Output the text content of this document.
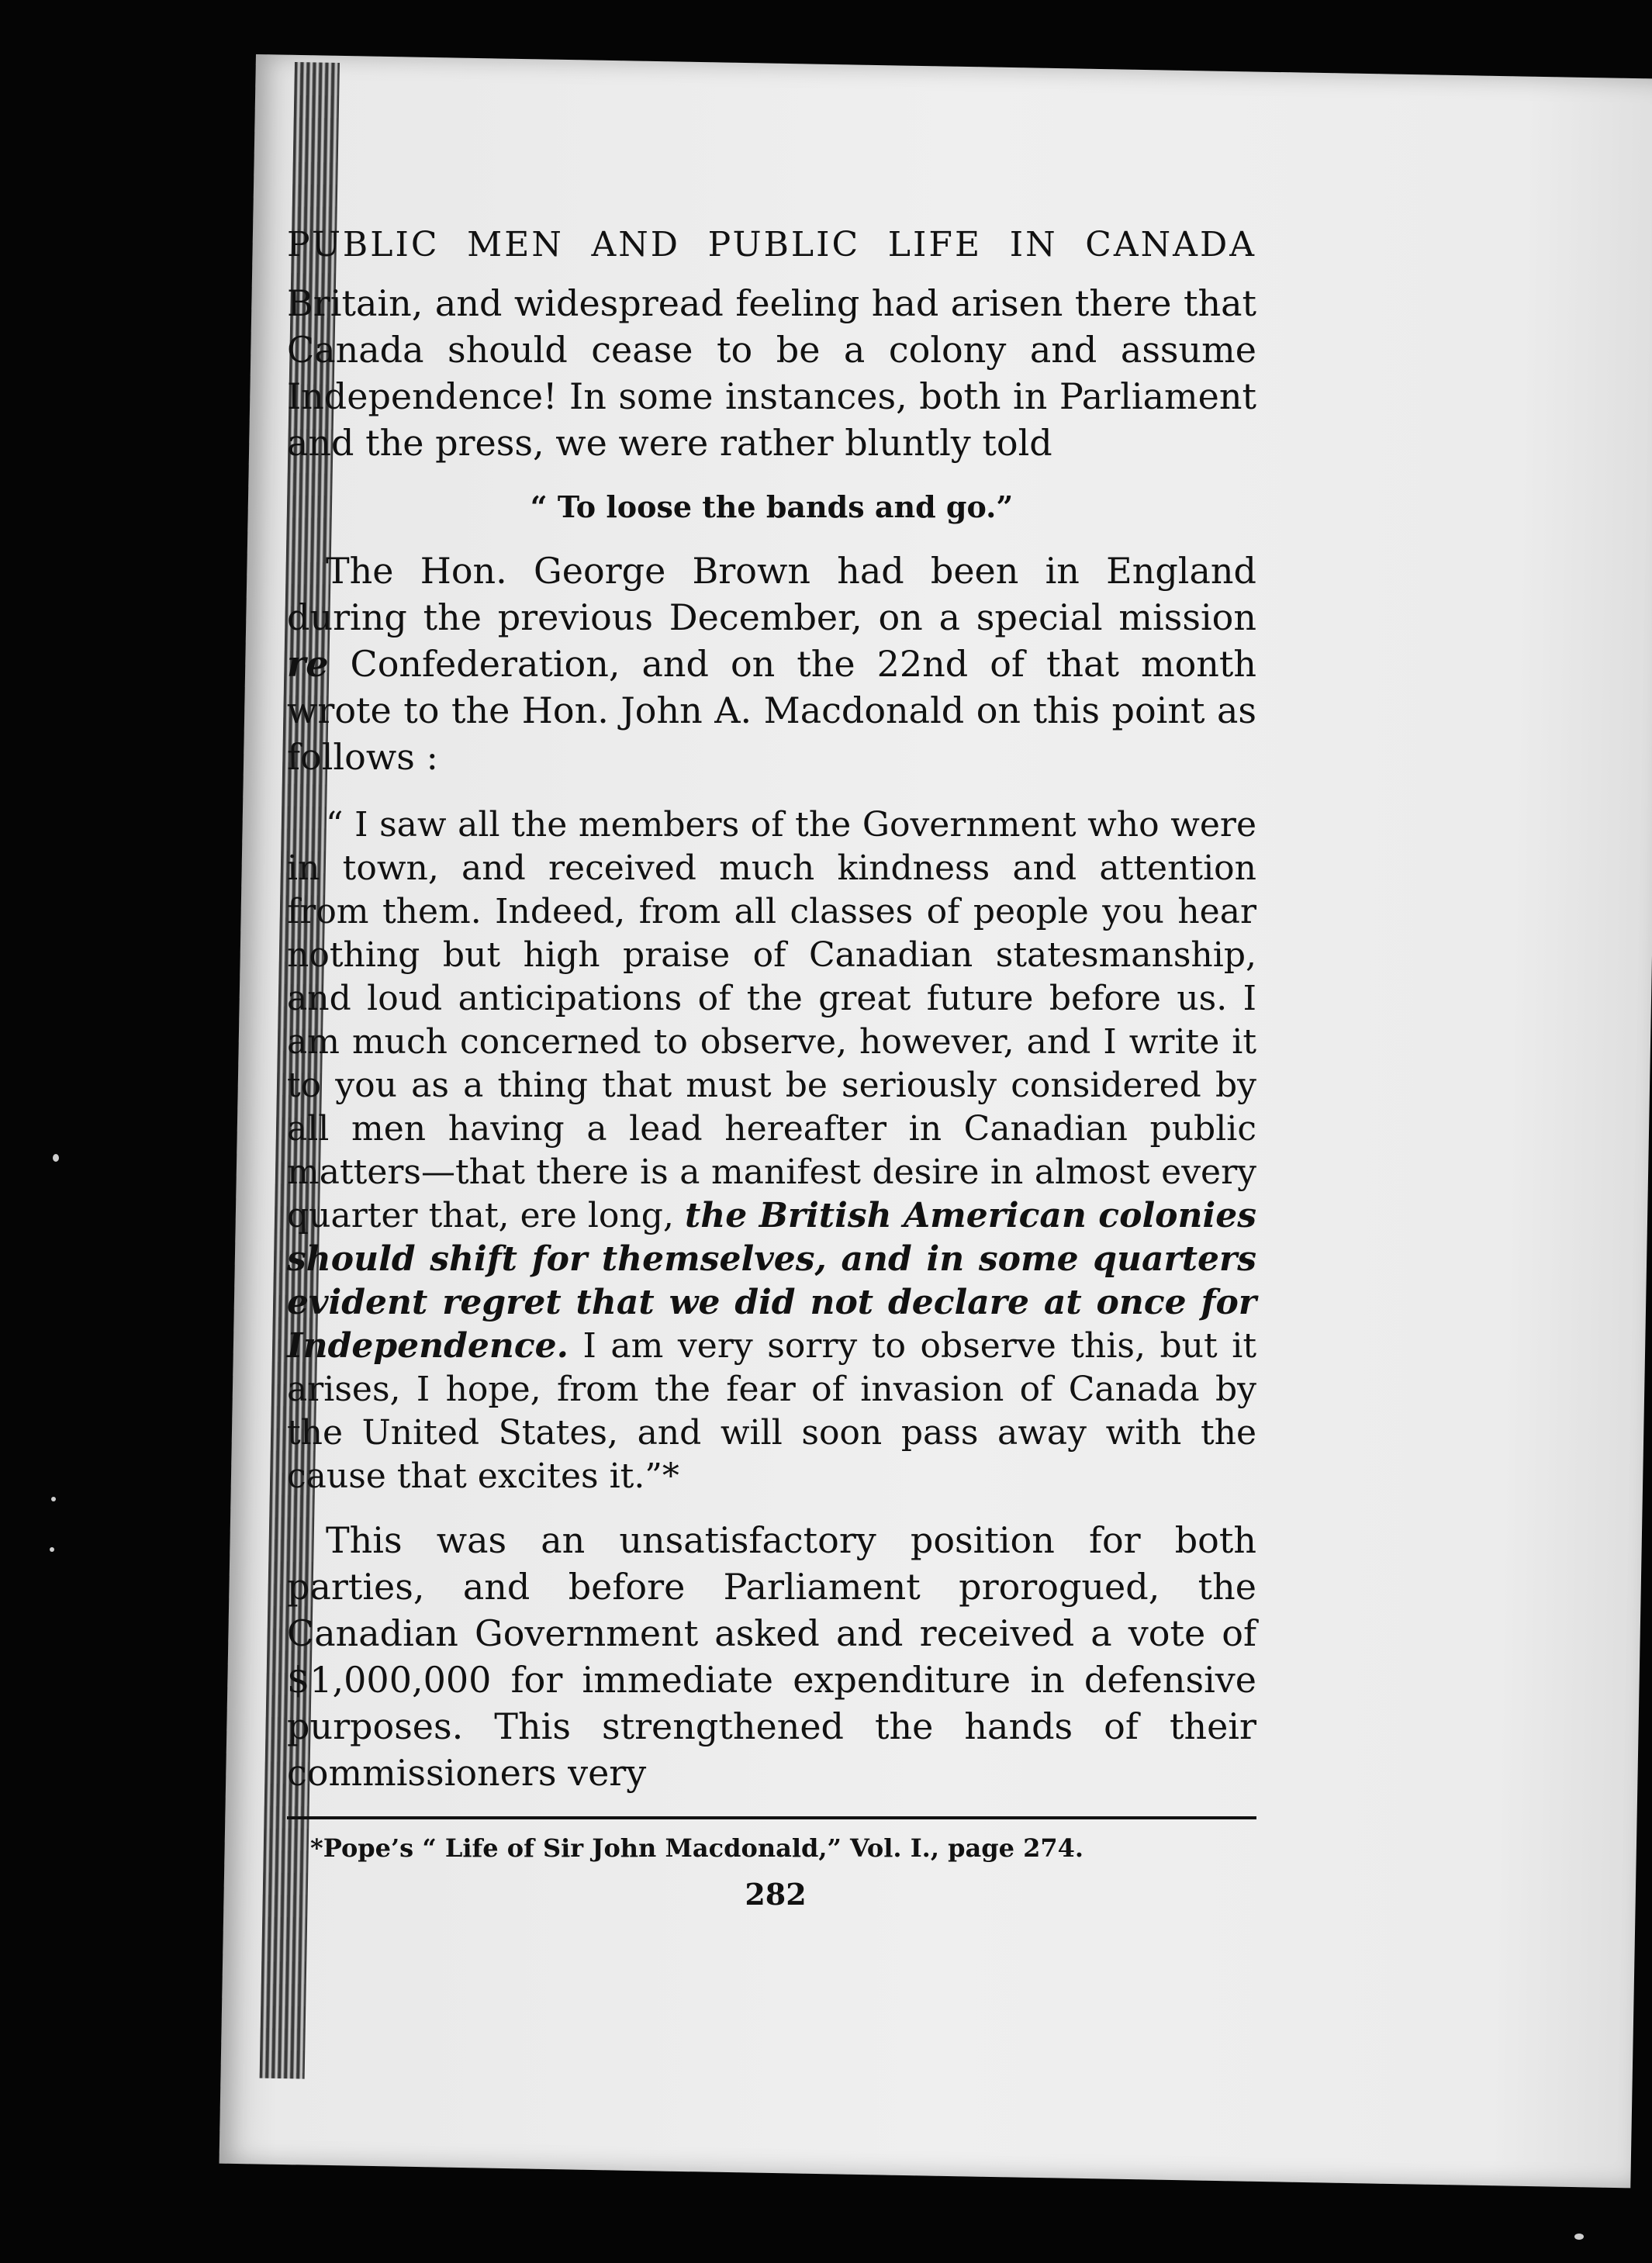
PUBLIC MEN AND PUBLIC LIFE IN CANADA

Britain, and widespread feeling had arisen there that Canada should cease to be a colony and assume Independence! In some instances, both in Parliament and the press, we were rather bluntly told

“ To loose the bands and go.”

The Hon. George Brown had been in England during the previous December, on a special mission re Confederation, and on the 22nd of that month wrote to the Hon. John A. Macdonald on this point as follows :

“ I saw all the members of the Government who were in town, and received much kindness and attention from them. Indeed, from all classes of people you hear nothing but high praise of Canadian statesmanship, and loud anticipations of the great future before us. I am much concerned to observe, however, and I write it to you as a thing that must be seriously considered by all men having a lead hereafter in Canadian public matters—that there is a manifest desire in almost every quarter that, ere long, the British American colonies should shift for themselves, and in some quarters evident regret that we did not declare at once for Independence. I am very sorry to observe this, but it arises, I hope, from the fear of invasion of Canada by the United States, and will soon pass away with the cause that excites it.”*

This was an unsatisfactory position for both parties, and before Parliament prorogued, the Canadian Government asked and received a vote of $1,000,000 for immediate expenditure in defensive purposes. This strengthened the hands of their commissioners very

*Pope’s “ Life of Sir John Macdonald,” Vol. I., page 274.
282
